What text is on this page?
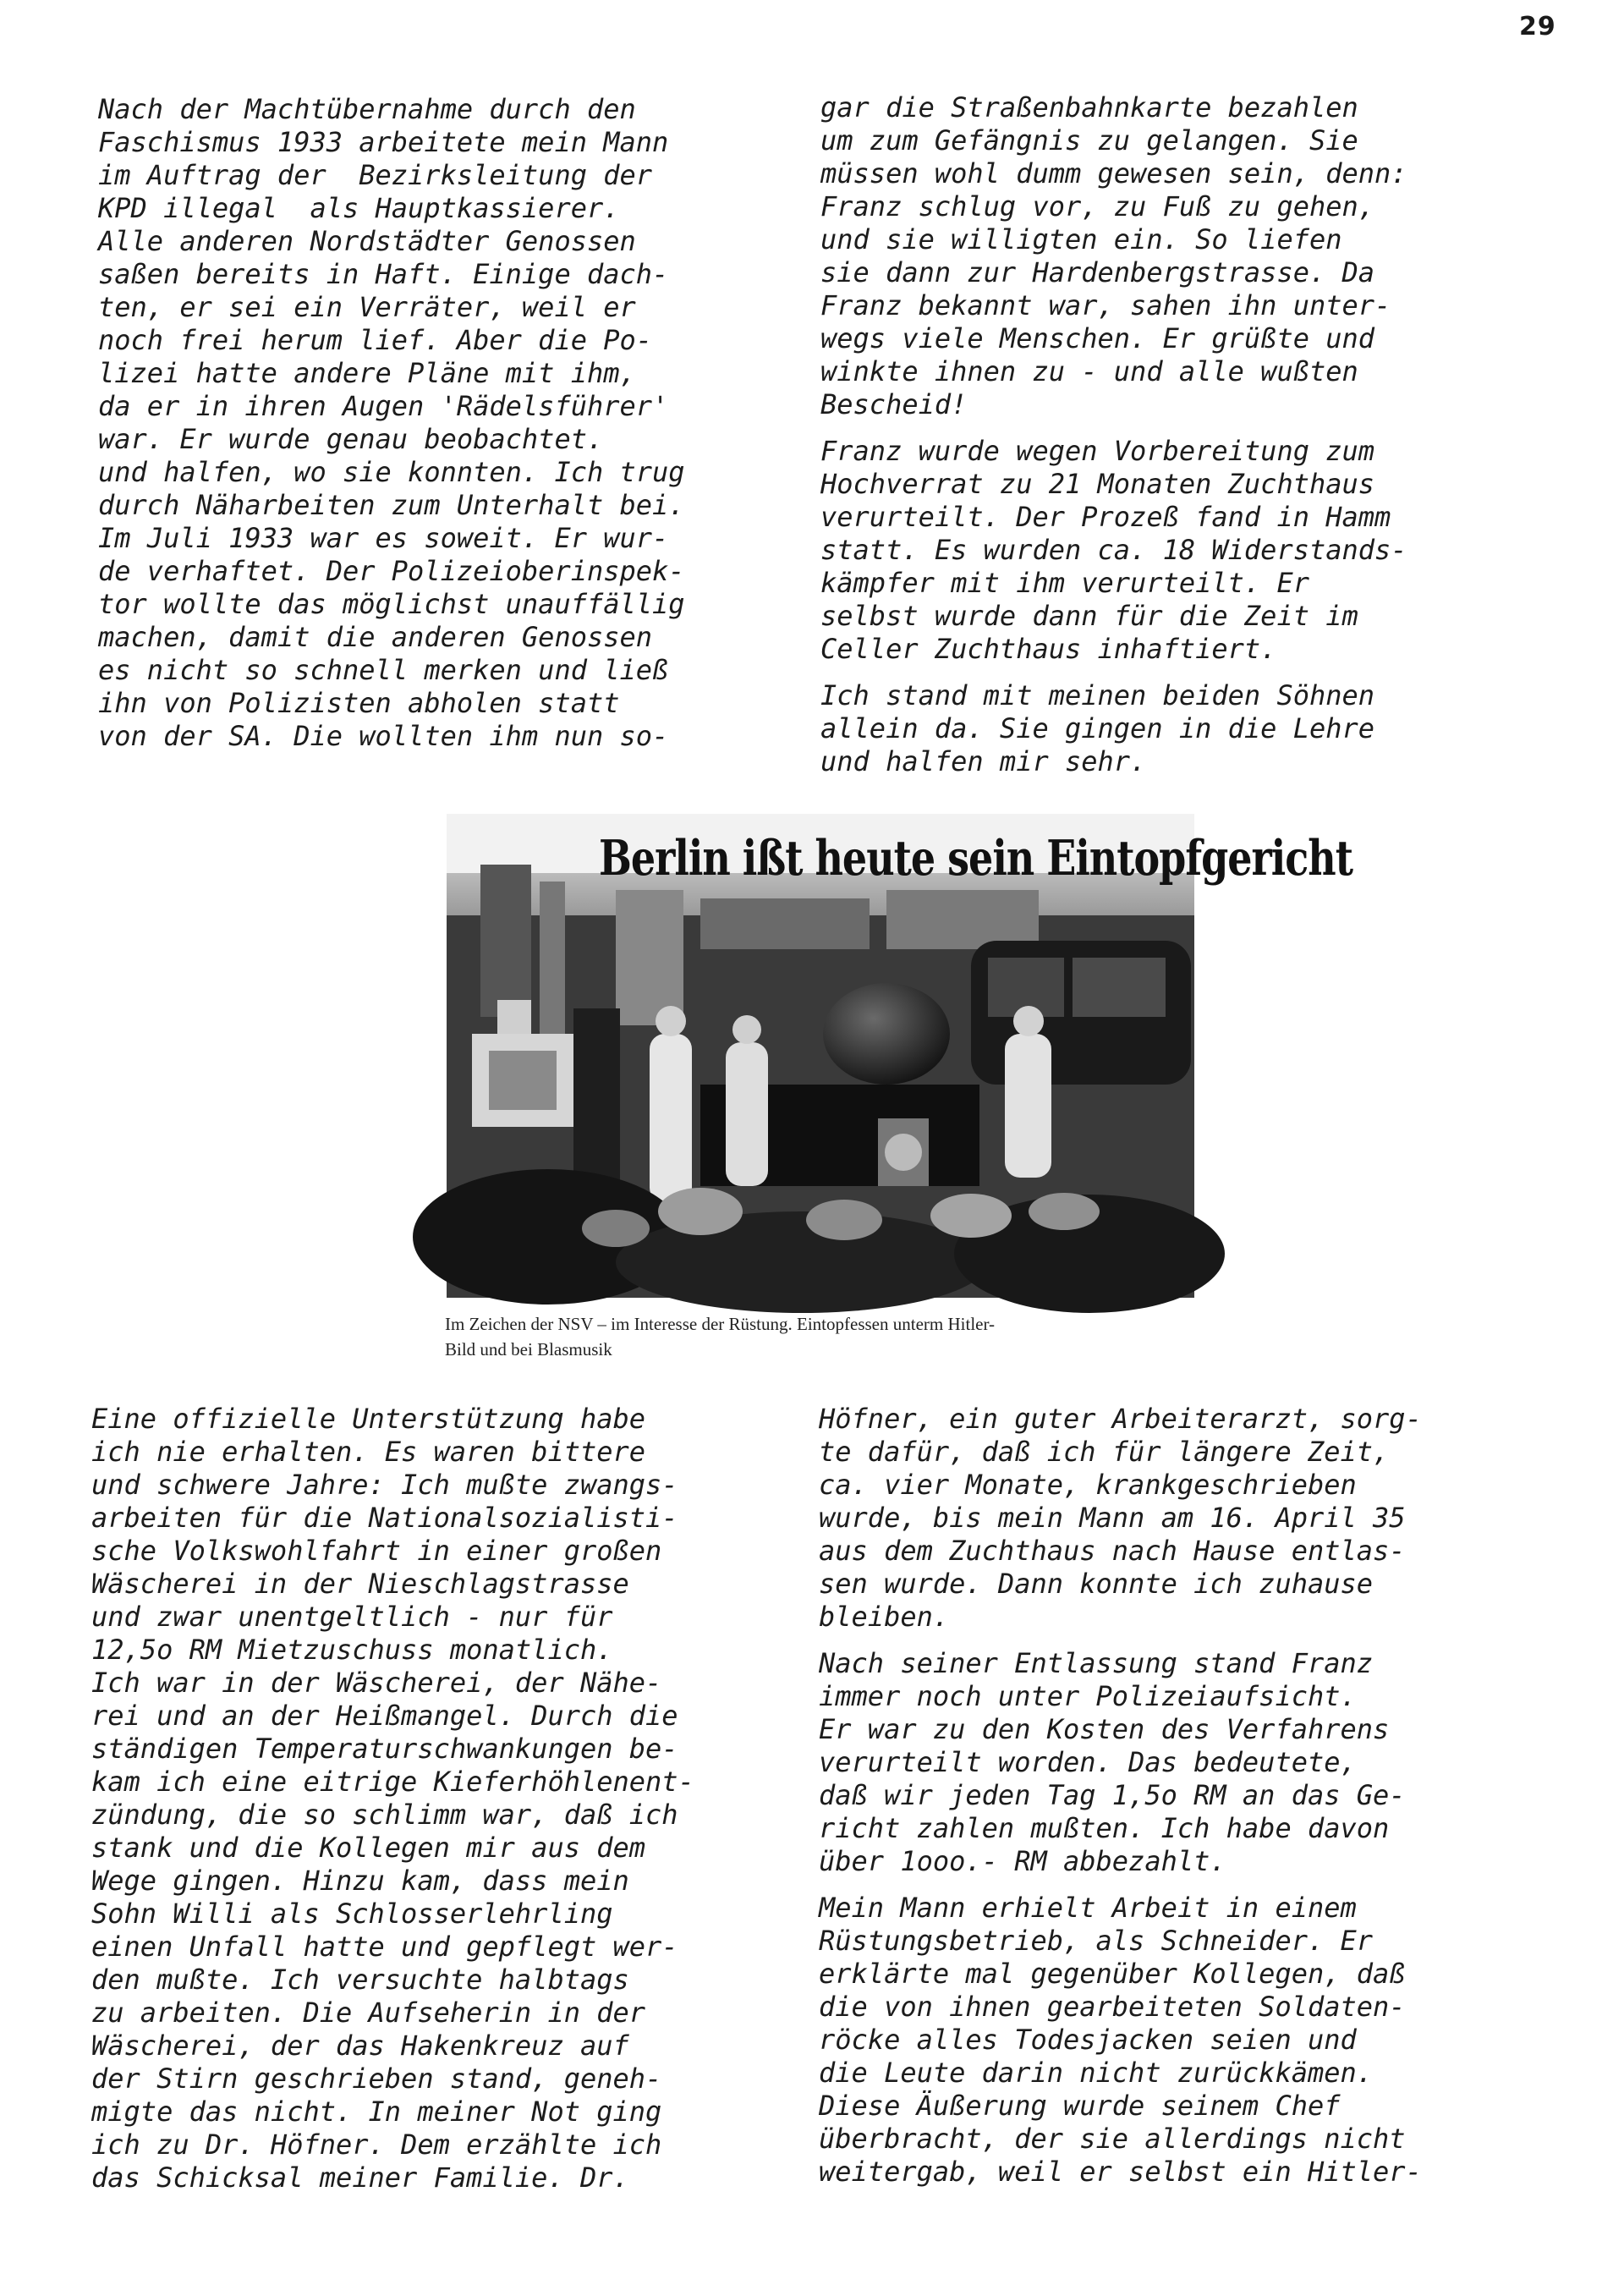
29

Nach der Machtübernahme durch den
Faschismus 1933 arbeitete mein Mann
im Auftrag der  Bezirksleitung der
KPD illegal  als Hauptkassierer.
Alle anderen Nordstädter Genossen
saßen bereits in Haft. Einige dach-
ten, er sei ein Verräter, weil er
noch frei herum lief. Aber die Po-
lizei hatte andere Pläne mit ihm,
da er in ihren Augen 'Rädelsführer'
war. Er wurde genau beobachtet.
und halfen, wo sie konnten. Ich trug
durch Näharbeiten zum Unterhalt bei.
Im Juli 1933 war es soweit. Er wur-
de verhaftet. Der Polizeioberinspek-
tor wollte das möglichst unauffällig
machen, damit die anderen Genossen
es nicht so schnell merken und ließ
ihn von Polizisten abholen statt
von der SA. Die wollten ihm nun so-

gar die Straßenbahnkarte bezahlen
um zum Gefängnis zu gelangen. Sie
müssen wohl dumm gewesen sein, denn:
Franz schlug vor, zu Fuß zu gehen,
und sie willigten ein. So liefen
sie dann zur Hardenbergstrasse. Da
Franz bekannt war, sahen ihn unter-
wegs viele Menschen. Er grüßte und
winkte ihnen zu - und alle wußten
Bescheid!

Franz wurde wegen Vorbereitung zum
Hochverrat zu 21 Monaten Zuchthaus
verurteilt. Der Prozeß fand in Hamm
statt. Es wurden ca. 18 Widerstands-
kämpfer mit ihm verurteilt. Er
selbst wurde dann für die Zeit im
Celler Zuchthaus inhaftiert.

Ich stand mit meinen beiden Söhnen
allein da. Sie gingen in die Lehre
und halfen mir sehr.

Berlin ißt heute sein Eintopfgericht
Im Zeichen der NSV – im Interesse der Rüstung. Eintopfessen unterm Hitler-
Bild und bei Blasmusik

Eine offizielle Unterstützung habe
ich nie erhalten. Es waren bittere
und schwere Jahre: Ich mußte zwangs-
arbeiten für die Nationalsozialisti-
sche Volkswohlfahrt in einer großen
Wäscherei in der Nieschlagstrasse
und zwar unentgeltlich - nur für
12,5o RM Mietzuschuss monatlich.
Ich war in der Wäscherei, der Nähe-
rei und an der Heißmangel. Durch die
ständigen Temperaturschwankungen be-
kam ich eine eitrige Kieferhöhlenent-
zündung, die so schlimm war, daß ich
stank und die Kollegen mir aus dem
Wege gingen. Hinzu kam, dass mein
Sohn Willi als Schlosserlehrling
einen Unfall hatte und gepflegt wer-
den mußte. Ich versuchte halbtags
zu arbeiten. Die Aufseherin in der
Wäscherei, der das Hakenkreuz auf
der Stirn geschrieben stand, geneh-
migte das nicht. In meiner Not ging
ich zu Dr. Höfner. Dem erzählte ich
das Schicksal meiner Familie. Dr.

Höfner, ein guter Arbeiterarzt, sorg-
te dafür, daß ich für längere Zeit,
ca. vier Monate, krankgeschrieben
wurde, bis mein Mann am 16. April 35
aus dem Zuchthaus nach Hause entlas-
sen wurde. Dann konnte ich zuhause
bleiben.

Nach seiner Entlassung stand Franz
immer noch unter Polizeiaufsicht.
Er war zu den Kosten des Verfahrens
verurteilt worden. Das bedeutete,
daß wir jeden Tag 1,5o RM an das Ge-
richt zahlen mußten. Ich habe davon
über 1ooo.- RM abbezahlt.

Mein Mann erhielt Arbeit in einem
Rüstungsbetrieb, als Schneider. Er
erklärte mal gegenüber Kollegen, daß
die von ihnen gearbeiteten Soldaten-
röcke alles Todesjacken seien und
die Leute darin nicht zurückkämen.
Diese Äußerung wurde seinem Chef
überbracht, der sie allerdings nicht
weitergab, weil er selbst ein Hitler-
